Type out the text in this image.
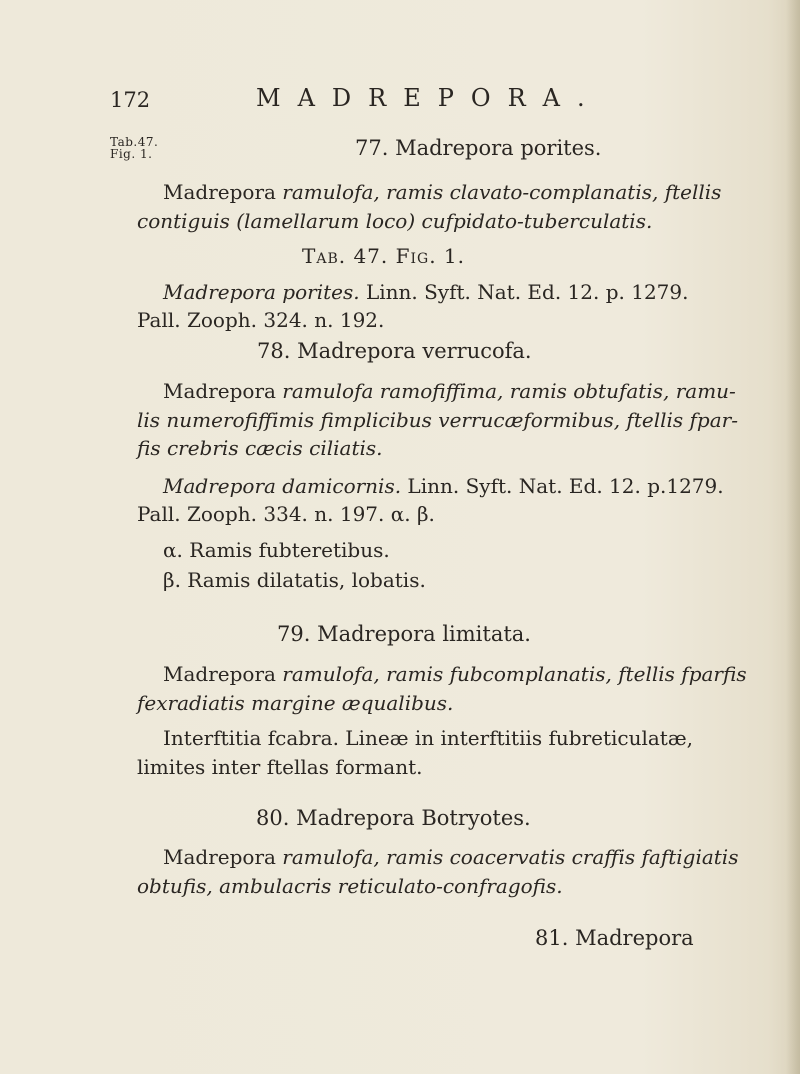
172	MADREPORA.
Tab.47.
Fig. 1.	77. Madrepora porites.
Madrepora ramulofa, ramis clavato-complanatis, ftellis
contiguis (lamellarum loco) cufpidato-tuberculatis.
Tab. 47. Fig. 1.
Madrepora porites. Linn. Syft. Nat. Ed. 12. p. 1279.
Pall. Zooph. 324. n. 192.
78. Madrepora verrucofa.
Madrepora ramulofa ramofiffima, ramis obtufatis, ramu-
lis numerofiffimis fimplicibus verrucæformibus, ftellis fpar-
fis crebris cæcis ciliatis.
Madrepora damicornis. Linn. Syft. Nat. Ed. 12. p.1279.
Pall. Zooph. 334. n. 197. α. β.
α. Ramis fubteretibus.
β. Ramis dilatatis, lobatis.
79. Madrepora limitata.
Madrepora ramulofa, ramis fubcomplanatis, ftellis fparfis
fexradiatis margine æqualibus.
Interftitia fcabra. Lineæ in interftitiis fubreticulatæ,
limites inter ftellas formant.
80. Madrepora Botryotes.
Madrepora ramulofa, ramis coacervatis craffis faftigiatis
obtufis, ambulacris reticulato-confragofis.
81. Madrepora
